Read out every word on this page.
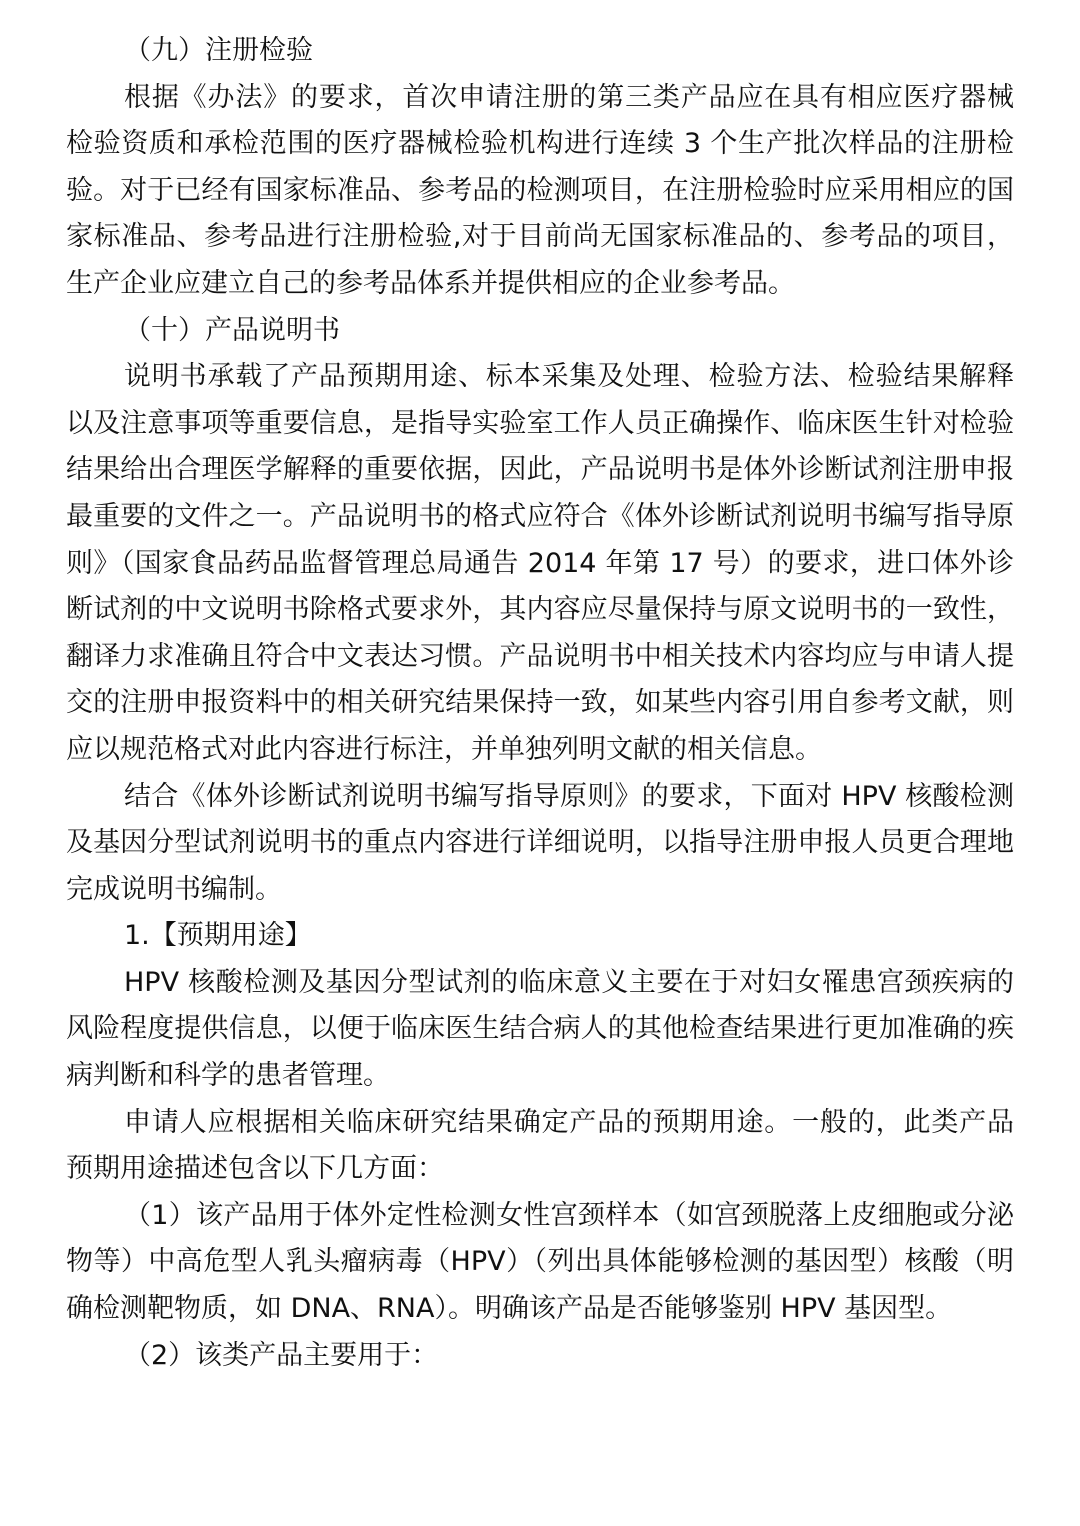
（九）注册检验

根据《办法》的要求，首次申请注册的第三类产品应在具有相应医疗器械检验资质和承检范围的医疗器械检验机构进行连续 3 个生产批次样品的注册检验。对于已经有国家标准品、参考品的检测项目，在注册检验时应采用相应的国家标准品、参考品进行注册检验,对于目前尚无国家标准品的、参考品的项目，生产企业应建立自己的参考品体系并提供相应的企业参考品。

（十）产品说明书

说明书承载了产品预期用途、标本采集及处理、检验方法、检验结果解释以及注意事项等重要信息，是指导实验室工作人员正确操作、临床医生针对检验结果给出合理医学解释的重要依据，因此，产品说明书是体外诊断试剂注册申报最重要的文件之一。产品说明书的格式应符合《体外诊断试剂说明书编写指导原则》（国家食品药品监督管理总局通告 2014 年第 17 号）的要求，进口体外诊断试剂的中文说明书除格式要求外，其内容应尽量保持与原文说明书的一致性，翻译力求准确且符合中文表达习惯。产品说明书中相关技术内容均应与申请人提交的注册申报资料中的相关研究结果保持一致，如某些内容引用自参考文献，则应以规范格式对此内容进行标注，并单独列明文献的相关信息。

结合《体外诊断试剂说明书编写指导原则》的要求，下面对 HPV 核酸检测及基因分型试剂说明书的重点内容进行详细说明，以指导注册申报人员更合理地完成说明书编制。

1.【预期用途】

HPV 核酸检测及基因分型试剂的临床意义主要在于对妇女罹患宫颈疾病的风险程度提供信息，以便于临床医生结合病人的其他检查结果进行更加准确的疾病判断和科学的患者管理。

申请人应根据相关临床研究结果确定产品的预期用途。一般的，此类产品预期用途描述包含以下几方面：

（1）该产品用于体外定性检测女性宫颈样本（如宫颈脱落上皮细胞或分泌物等）中高危型人乳头瘤病毒（HPV）（列出具体能够检测的基因型）核酸（明确检测靶物质，如 DNA、RNA）。明确该产品是否能够鉴别 HPV 基因型。

（2）该类产品主要用于：
